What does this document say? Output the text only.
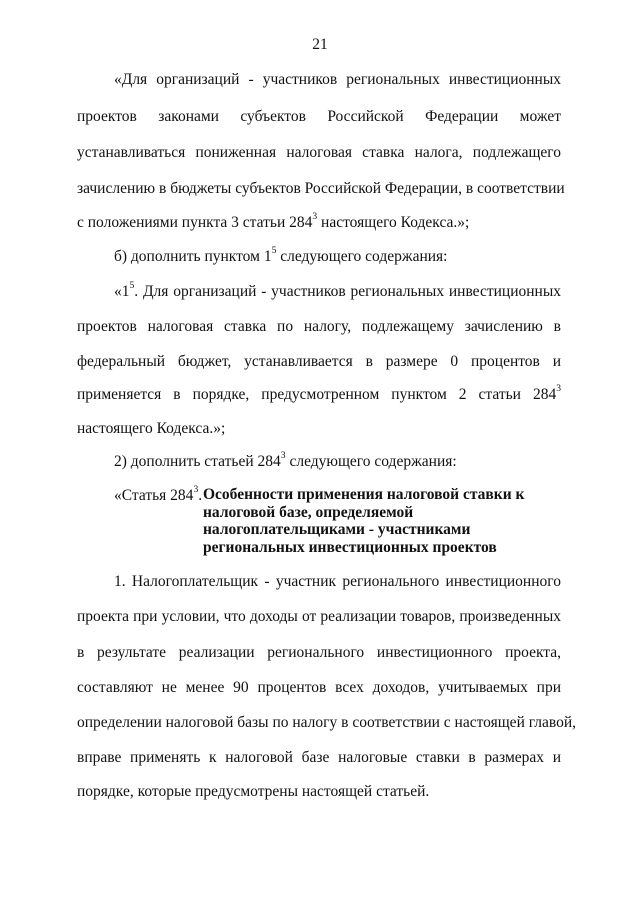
21
«Для организаций - участников региональных инвестиционных
проектов законами субъектов Российской Федерации может
устанавливаться пониженная налоговая ставка налога, подлежащего
зачислению в бюджеты субъектов Российской Федерации, в соответствии
с положениями пункта 3 статьи $284^3$ настоящего Кодекса.»;
б) дополнить пунктом $1^5$ следующего содержания:
«$1^5$. Для организаций - участников региональных инвестиционных
проектов налоговая ставка по налогу, подлежащему зачислению в
федеральный бюджет, устанавливается в размере 0 процентов и
применяется в порядке, предусмотренном пунктом 2 статьи $284^3$
настоящего Кодекса.»;
2) дополнить статьей $284^3$ следующего содержания:
«Статья $284^3$. Особенности применения налоговой ставки к
налоговой базе, определяемой
налогоплательщиками - участниками
региональных инвестиционных проектов
1. Налогоплательщик - участник регионального инвестиционного
проекта при условии, что доходы от реализации товаров, произведенных
в результате реализации регионального инвестиционного проекта,
составляют не менее 90 процентов всех доходов, учитываемых при
определении налоговой базы по налогу в соответствии с настоящей главой,
вправе применять к налоговой базе налоговые ставки в размерах и
порядке, которые предусмотрены настоящей статьей.
